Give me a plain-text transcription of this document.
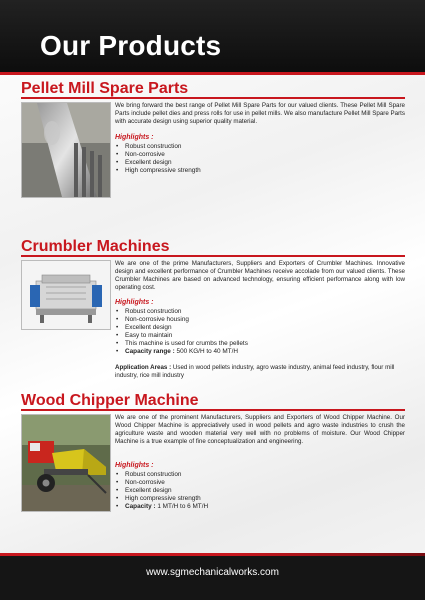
Our Products
Pellet Mill Spare Parts

We bring forward the best range of Pellet Mill Spare Parts for our valued clients. These Pellet Mill Spare Parts include pellet dies and press rolls for use in pellet mills. We also manufacture Pellet Mill Spare Parts with accurate design using superior quality material.

Highlights :

• Robust construction
• Non-corrosive
• Excellent design
• High compressive strength
Crumbler Machines

We are one of the prime Manufacturers, Suppliers and Exporters of Crumbler Machines. Innovative design and excellent performance of Crumbler Machines receive accolade from our valued clients. These Crumbler Machines are based on advanced technology, ensuring efficient performance along with low operating cost.

Highlights :

• Robust construction
• Non-corrosive housing
• Excellent design
• Easy to maintain
• This machine is used for crumbs the pellets
• Capacity range : 500 KG/H to 40 MT/H

Application Areas : Used in wood pellets industry, agro waste industry, animal feed industry, flour mill industry, rice mill industry

Wood Chipper Machine

We are one of the prominent Manufacturers, Suppliers and Exporters of Wood Chipper Machine. Our Wood Chipper Machine is appreciatively used in wood pellets and agro waste industries to crush the agriculture waste and wooden material very well with no problems of moisture. Our Wood Chipper Machine is a true example of fine conceptualization and engineering.

Highlights :

• Robust construction
• Non-corrosive
• Excellent design
• High compressive strength
• Capacity : 1 MT/H to 6 MT/H

www.sgmechanicalworks.com
